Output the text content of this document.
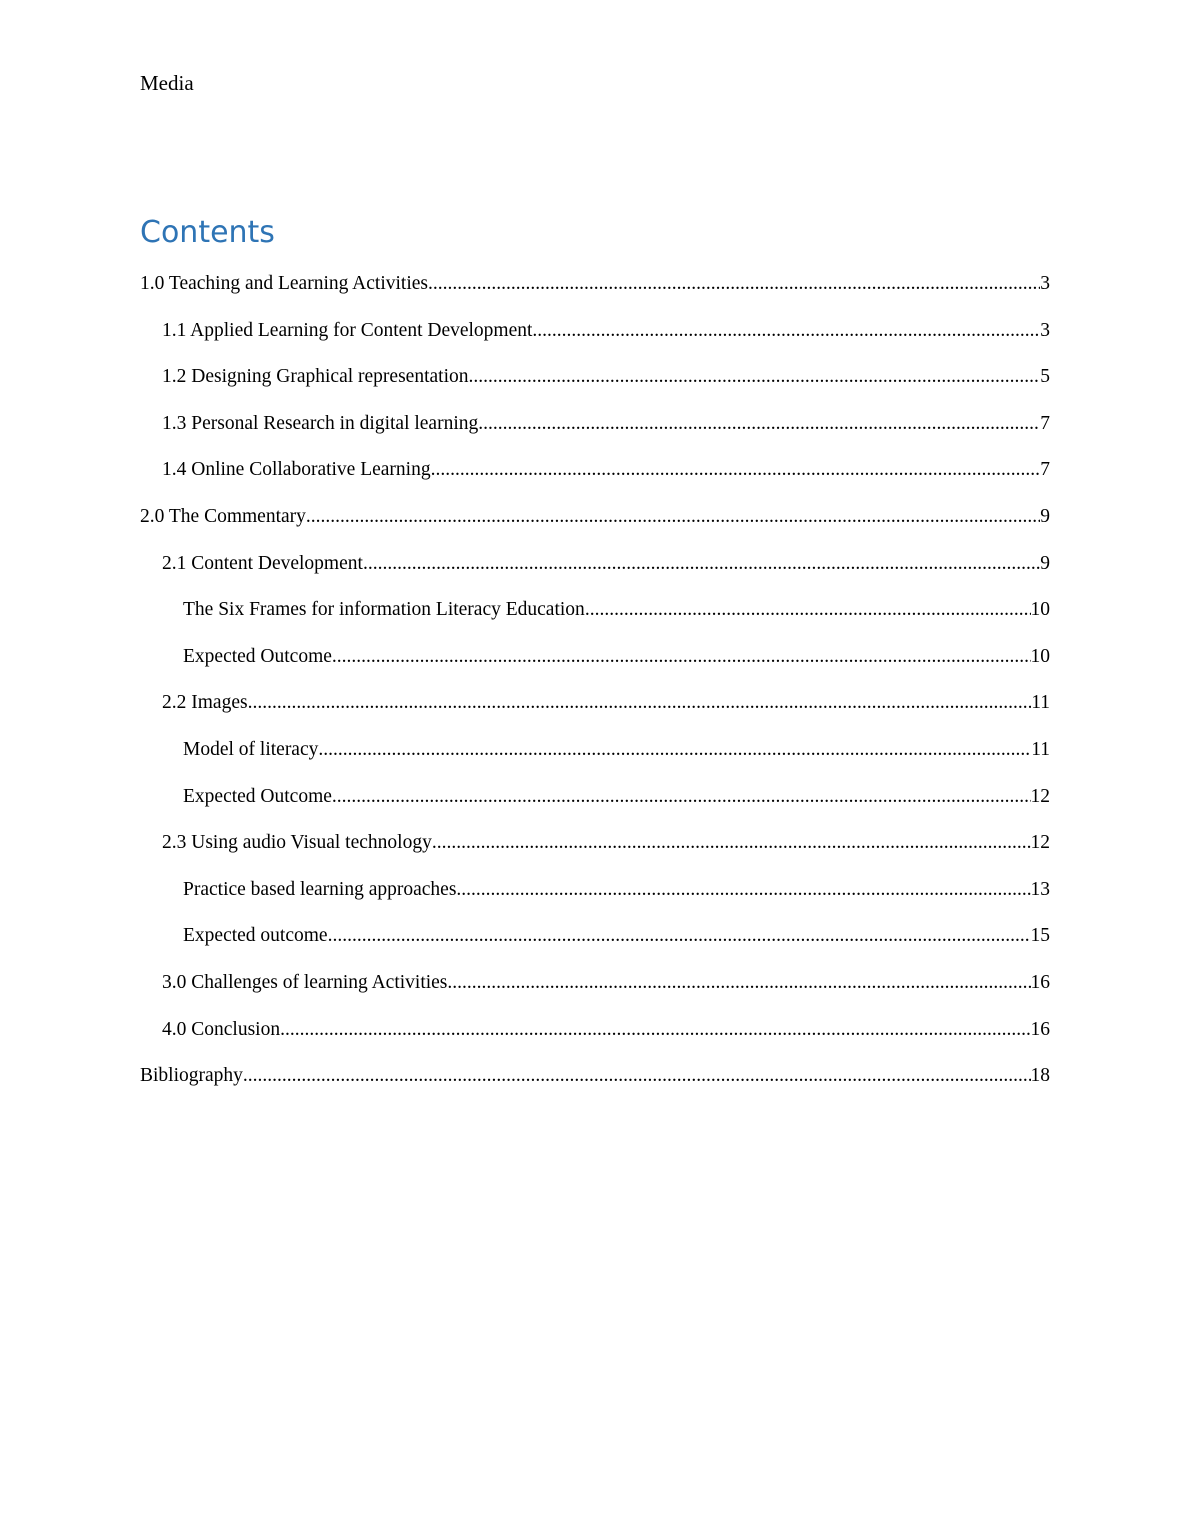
Media
Contents
1.0 Teaching and Learning Activities .....	3
1.1 Applied Learning for Content Development .....	3
1.2 Designing Graphical representation .....	5
1.3 Personal Research in digital learning .....	7
1.4 Online Collaborative Learning .....	7
2.0 The Commentary .....	9
2.1 Content Development .....	9
The Six Frames for information Literacy Education .....	10
Expected Outcome .....	10
2.2 Images .....	11
Model of literacy .....	11
Expected Outcome .....	12
2.3 Using audio Visual technology .....	12
Practice based learning approaches .....	13
Expected outcome .....	15
3.0 Challenges of learning Activities .....	16
4.0 Conclusion .....	16
Bibliography .....	18
